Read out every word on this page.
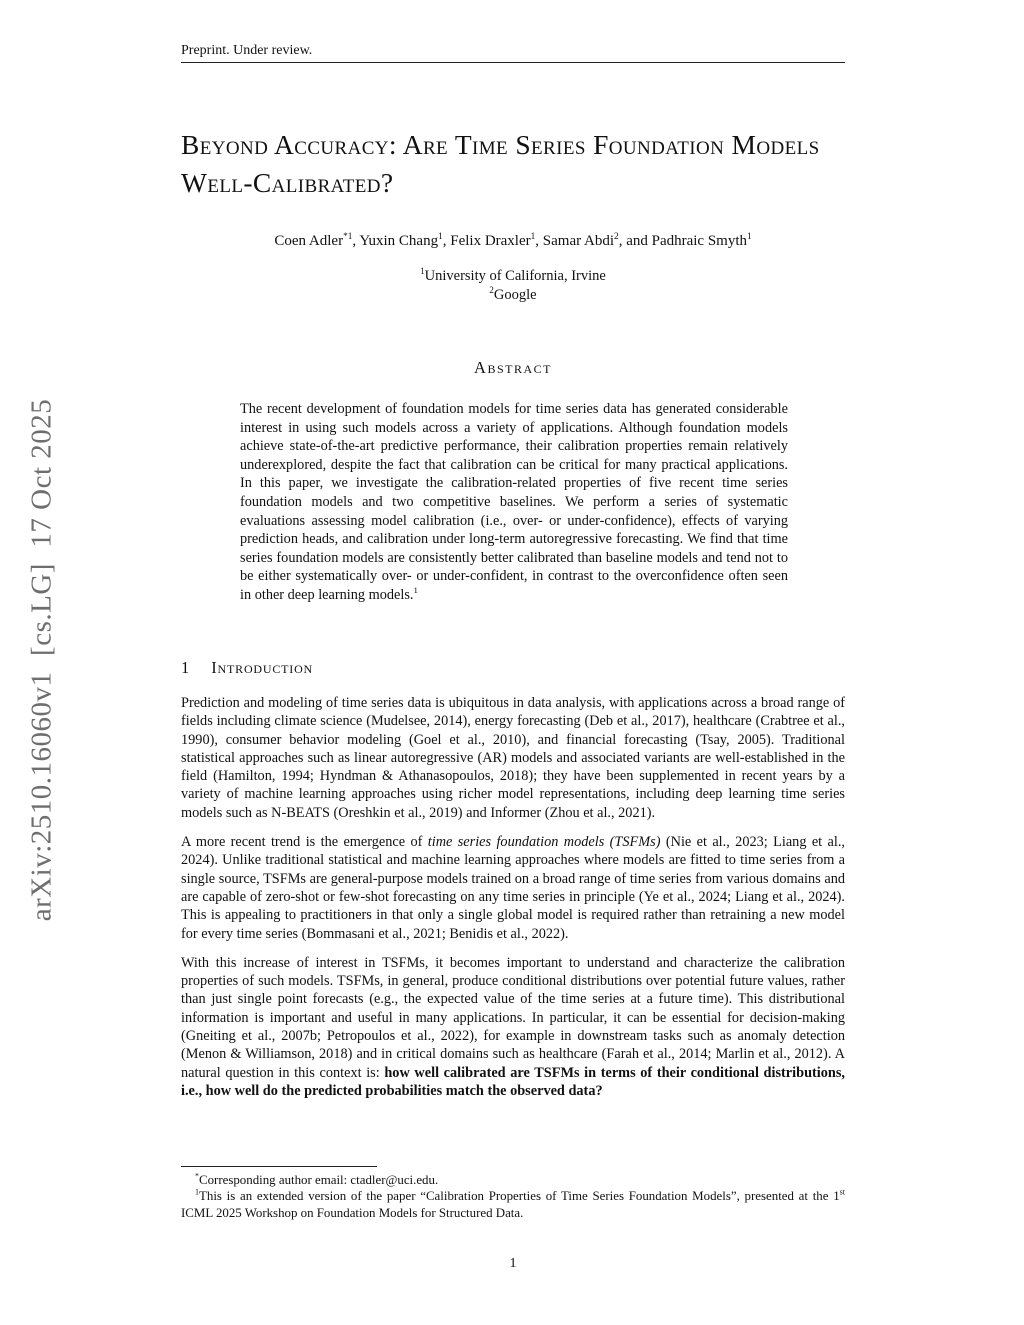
arXiv:2510.16060v1  [cs.LG]  17 Oct 2025
Preprint. Under review.
Beyond Accuracy: Are Time Series Foundation Models Well-Calibrated?
Coen Adler$^{*1}$, Yuxin Chang$^1$, Felix Draxler$^1$, Samar Abdi$^2$, and Padhraic Smyth$^1$
$^1$University of California, Irvine
$^2$Google
Abstract
The recent development of foundation models for time series data has generated considerable interest in using such models across a variety of applications. Although foundation models achieve state-of-the-art predictive performance, their calibration properties remain relatively underexplored, despite the fact that calibration can be critical for many practical applications. In this paper, we investigate the calibration-related properties of five recent time series foundation models and two competitive baselines. We perform a series of systematic evaluations assessing model calibration (i.e., over- or under-confidence), effects of varying prediction heads, and calibration under long-term autoregressive forecasting. We find that time series foundation models are consistently better calibrated than baseline models and tend not to be either systematically over- or under-confident, in contrast to the overconfidence often seen in other deep learning models.$^1$
1 Introduction

Prediction and modeling of time series data is ubiquitous in data analysis, with applications across a broad range of fields including climate science (Mudelsee, 2014), energy forecasting (Deb et al., 2017), healthcare (Crabtree et al., 1990), consumer behavior modeling (Goel et al., 2010), and financial forecasting (Tsay, 2005). Traditional statistical approaches such as linear autoregressive (AR) models and associated variants are well-established in the field (Hamilton, 1994; Hyndman & Athanasopoulos, 2018); they have been supplemented in recent years by a variety of machine learning approaches using richer model representations, including deep learning time series models such as N-BEATS (Oreshkin et al., 2019) and Informer (Zhou et al., 2021).

A more recent trend is the emergence of time series foundation models (TSFMs) (Nie et al., 2023; Liang et al., 2024). Unlike traditional statistical and machine learning approaches where models are fitted to time series from a single source, TSFMs are general-purpose models trained on a broad range of time series from various domains and are capable of zero-shot or few-shot forecasting on any time series in principle (Ye et al., 2024; Liang et al., 2024). This is appealing to practitioners in that only a single global model is required rather than retraining a new model for every time series (Bommasani et al., 2021; Benidis et al., 2022).

With this increase of interest in TSFMs, it becomes important to understand and characterize the calibration properties of such models. TSFMs, in general, produce conditional distributions over potential future values, rather than just single point forecasts (e.g., the expected value of the time series at a future time). This distributional information is important and useful in many applications. In particular, it can be essential for decision-making (Gneiting et al., 2007b; Petropoulos et al., 2022), for example in downstream tasks such as anomaly detection (Menon & Williamson, 2018) and in critical domains such as healthcare (Farah et al., 2014; Marlin et al., 2012). A natural question in this context is: how well calibrated are TSFMs in terms of their conditional distributions, i.e., how well do the predicted probabilities match the observed data?

*Corresponding author email: ctadler@uci.edu.

$^1$This is an extended version of the paper “Calibration Properties of Time Series Foundation Models”, presented at the 1st ICML 2025 Workshop on Foundation Models for Structured Data.

1
